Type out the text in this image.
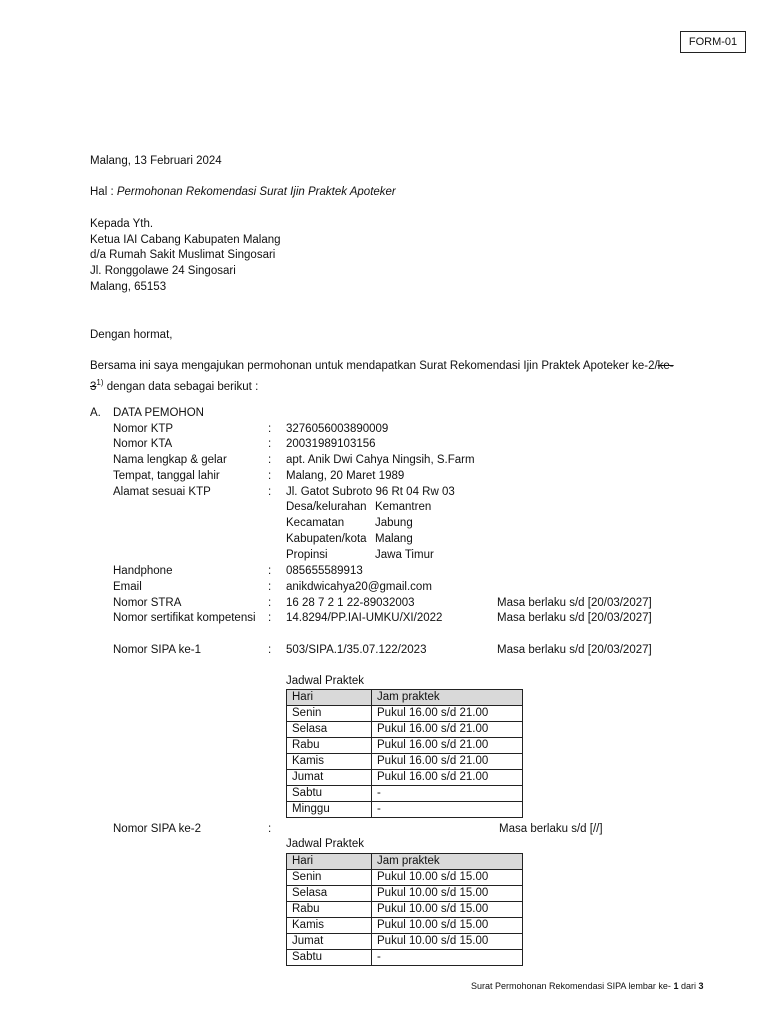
FORM-01
Malang, 13 Februari 2024
Hal : Permohonan Rekomendasi Surat Ijin Praktek Apoteker
Kepada Yth.
Ketua IAI Cabang Kabupaten Malang
d/a Rumah Sakit Muslimat Singosari
Jl. Ronggolawe 24 Singosari
Malang, 65153
Dengan hormat,
Bersama ini saya mengajukan permohonan untuk mendapatkan Surat Rekomendasi Ijin Praktek Apoteker ke-2/ke-
3$^{1)}$ dengan data sebagai berikut :
A. DATA PEMOHON
Nomor KTP	: 3276056003890009
Nomor KTA	: 20031989103156
Nama lengkap & gelar	: apt. Anik Dwi Cahya Ningsih, S.Farm
Tempat, tanggal lahir	: Malang, 20 Maret 1989
Alamat sesuai KTP	: Jl. Gatot Subroto 96 Rt 04 Rw 03
Desa/kelurahan Kemantren
Kecamatan	Jabung
Kabupaten/kota Malang
Propinsi	Jawa Timur
Handphone	: 085655589913
Email	: anikdwicahya20@gmail.com
Nomor STRA	: 16 28 7 2 1 22-89032003	Masa berlaku s/d [20/03/2027]
Nomor sertifikat kompetensi : 14.8294/PP.IAI-UMKU/XI/2022	Masa berlaku s/d [20/03/2027]
Nomor SIPA ke-1	: 503/SIPA.1/35.07.122/2023	Masa berlaku s/d [20/03/2027]
Jadwal Praktek
Hari	Jam praktek
Senin	Pukul 16.00 s/d 21.00
Selasa	Pukul 16.00 s/d 21.00
Rabu	Pukul 16.00 s/d 21.00
Kamis	Pukul 16.00 s/d 21.00
Jumat	Pukul 16.00 s/d 21.00
Sabtu	-
Minggu	-
Nomor SIPA ke-2	:	Masa berlaku s/d [//]
Jadwal Praktek
Hari	Jam praktek
Senin	Pukul 10.00 s/d 15.00
Selasa	Pukul 10.00 s/d 15.00
Rabu	Pukul 10.00 s/d 15.00
Kamis	Pukul 10.00 s/d 15.00
Jumat	Pukul 10.00 s/d 15.00
Sabtu	-
Surat Permohonan Rekomendasi SIPA lembar ke- 1 dari 3
